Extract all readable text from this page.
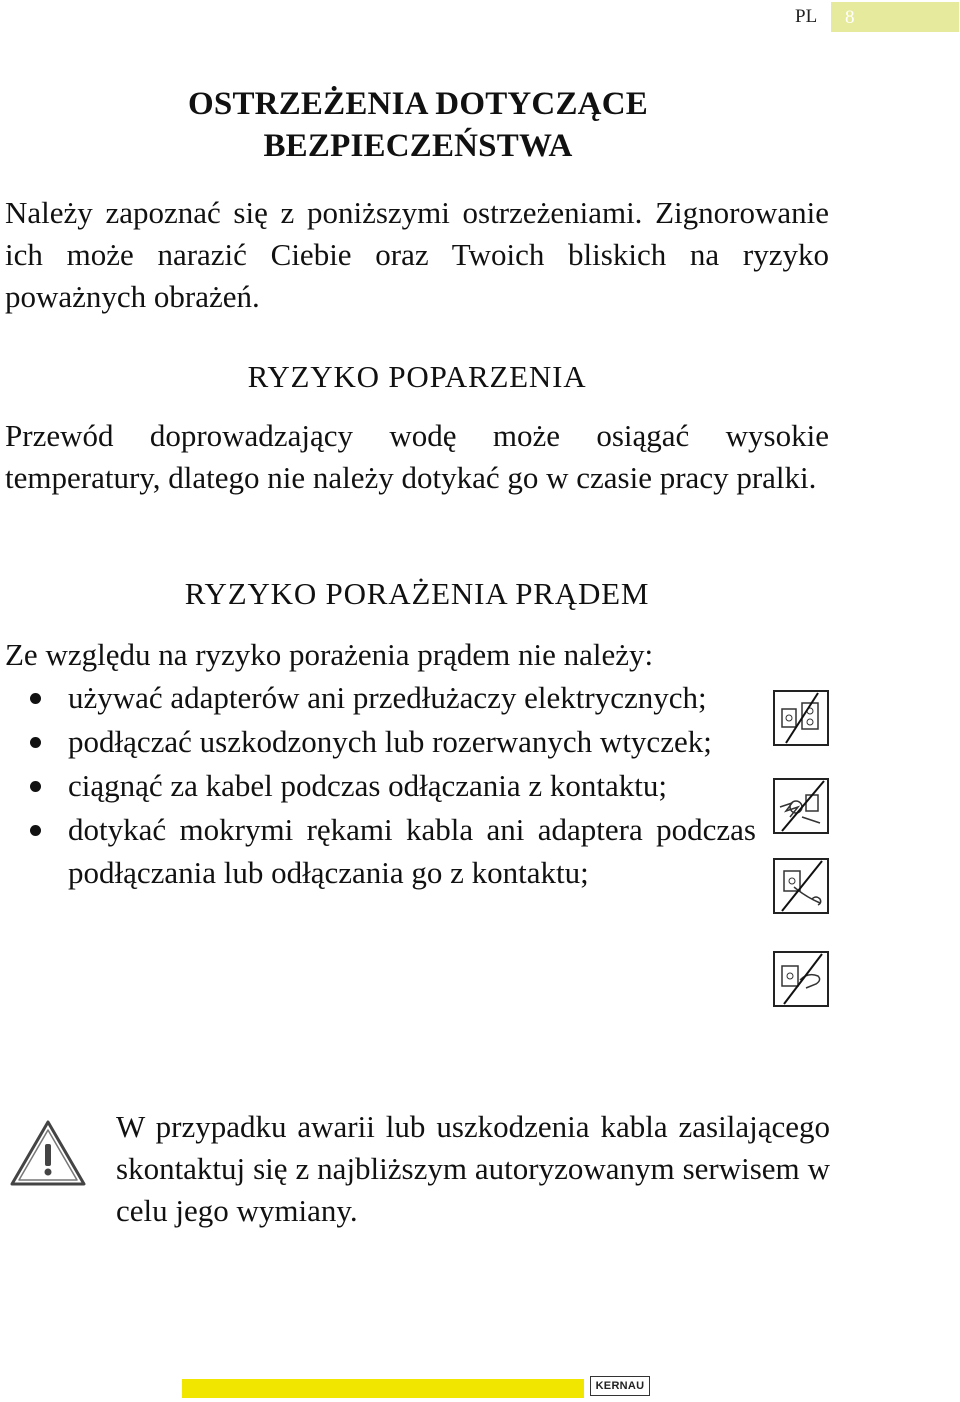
PL 8
OSTRZEŻENIA DOTYCZĄCE
BEZPIECZEŃSTWA
Należy zapoznać się z poniższymi ostrzeżeniami. Zignorowanie ich może narazić Ciebie oraz Twoich bliskich na ryzyko poważnych obrażeń.
RYZYKO POPARZENIA
Przewód doprowadzający wodę może osiągać wysokie temperatury, dlatego nie należy dotykać go w czasie pracy pralki.
RYZYKO PORAŻENIA PRĄDEM
Ze względu na ryzyko porażenia prądem nie należy:
używać adapterów ani przedłużaczy elektrycznych;
podłączać uszkodzonych lub rozerwanych wtyczek;
ciągnąć za kabel podczas odłączania z kontaktu;
dotykać mokrymi rękami kabla ani adaptera podczas podłączania lub odłączania go z kontaktu;
W przypadku awarii lub uszkodzenia kabla zasilającego skontaktuj się z najbliższym autoryzowanym serwisem w celu jego wymiany.
KERNAU
